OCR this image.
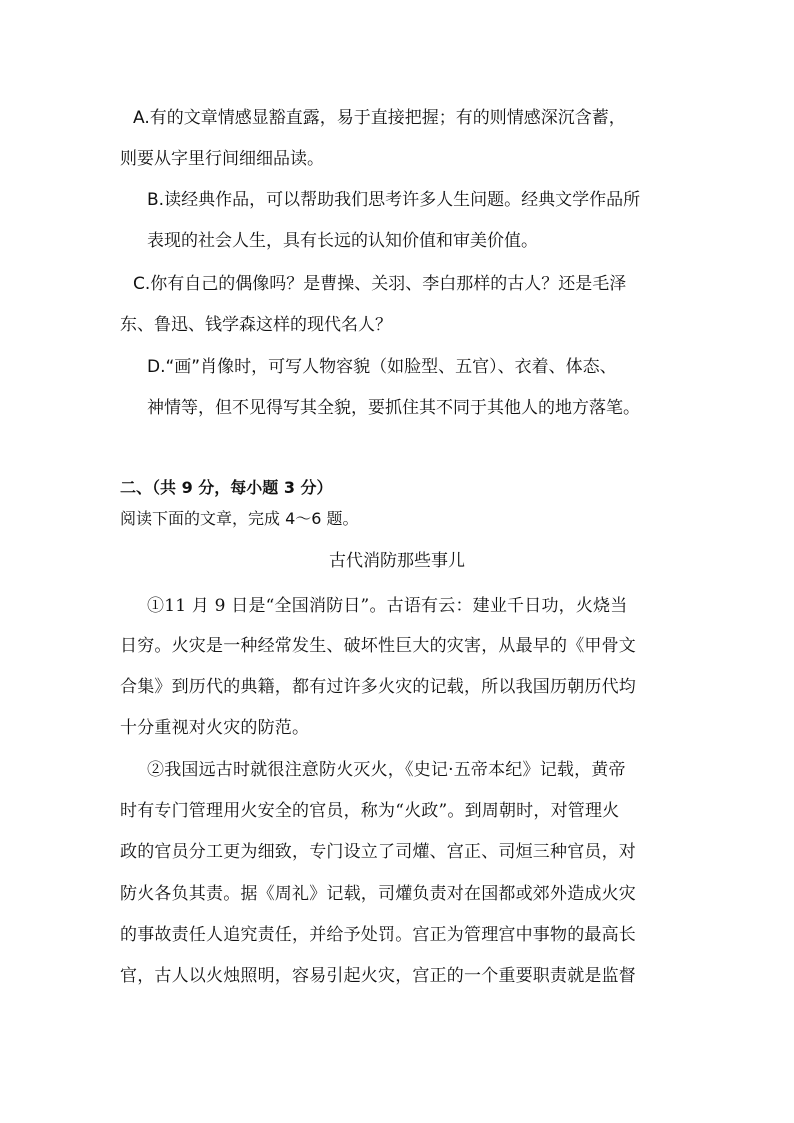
A.有的文章情感显豁直露，易于直接把握；有的则情感深沉含蓄，
则要从字里行间细细品读。
B.读经典作品，可以帮助我们思考许多人生问题。经典文学作品所
表现的社会人生，具有长远的认知价值和审美价值。
C.你有自己的偶像吗？是曹操、关羽、李白那样的古人？还是毛泽
东、鲁迅、钱学森这样的现代名人？
D.“画”肖像时，可写人物容貌（如脸型、五官）、衣着、体态、
神情等，但不见得写其全貌，要抓住其不同于其他人的地方落笔。
二、（共 9 分，每小题 3 分）
阅读下面的文章，完成 4～6 题。
古代消防那些事儿
①11 月 9 日是“全国消防日”。古语有云：建业千日功，火烧当
日穷。火灾是一种经常发生、破坏性巨大的灾害，从最早的《甲骨文
合集》到历代的典籍，都有过许多火灾的记载，所以我国历朝历代均
十分重视对火灾的防范。
②我国远古时就很注意防火灭火，《史记·五帝本纪》记载，黄帝
时有专门管理用火安全的官员，称为“火政”。到周朝时，对管理火
政的官员分工更为细致，专门设立了司爟、宫正、司烜三种官员，对
防火各负其责。据《周礼》记载，司爟负责对在国都或郊外造成火灾
的事故责任人追究责任，并给予处罚。宫正为管理宫中事物的最高长
官，古人以火烛照明，容易引起火灾，宫正的一个重要职责就是监督
